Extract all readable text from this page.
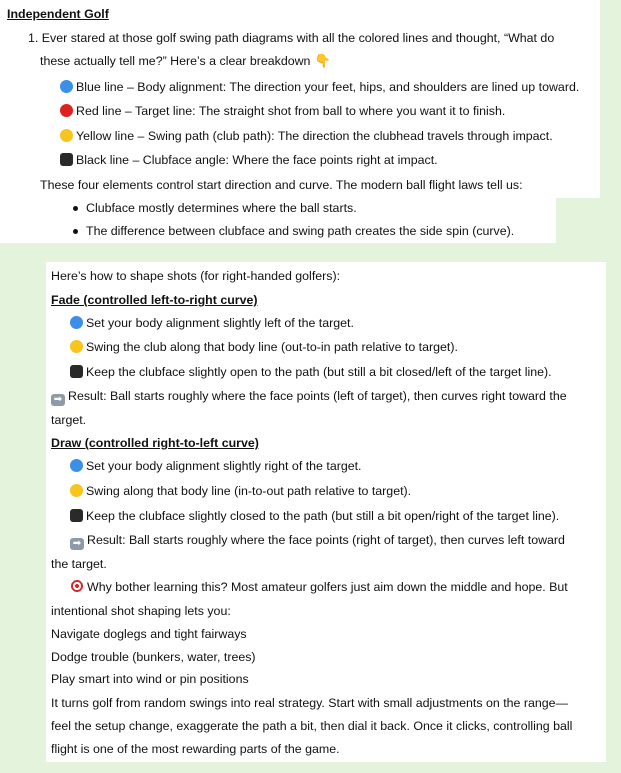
Independent Golf
1. Ever stared at those golf swing path diagrams with all the colored lines and thought, “What do
these actually tell me?” Here’s a clear breakdown 👇
Blue line – Body alignment: The direction your feet, hips, and shoulders are lined up toward.
Red line – Target line: The straight shot from ball to where you want it to finish.
Yellow line – Swing path (club path): The direction the clubhead travels through impact.
Black line – Clubface angle: Where the face points right at impact.
These four elements control start direction and curve. The modern ball flight laws tell us:
Clubface mostly determines where the ball starts.
The difference between clubface and swing path creates the side spin (curve).
Here’s how to shape shots (for right-handed golfers):
Fade (controlled left-to-right curve)
Set your body alignment slightly left of the target.
Swing the club along that body line (out-to-in path relative to target).
Keep the clubface slightly open to the path (but still a bit closed/left of the target line).
➡ Result: Ball starts roughly where the face points (left of target), then curves right toward the
target.
Draw (controlled right-to-left curve)
Set your body alignment slightly right of the target.
Swing along that body line (in-to-out path relative to target).
Keep the clubface slightly closed to the path (but still a bit open/right of the target line).
➡ Result: Ball starts roughly where the face points (right of target), then curves left toward
the target.
Why bother learning this? Most amateur golfers just aim down the middle and hope. But
intentional shot shaping lets you:
Navigate doglegs and tight fairways
Dodge trouble (bunkers, water, trees)
Play smart into wind or pin positions
It turns golf from random swings into real strategy. Start with small adjustments on the range—
feel the setup change, exaggerate the path a bit, then dial it back. Once it clicks, controlling ball
flight is one of the most rewarding parts of the game.
